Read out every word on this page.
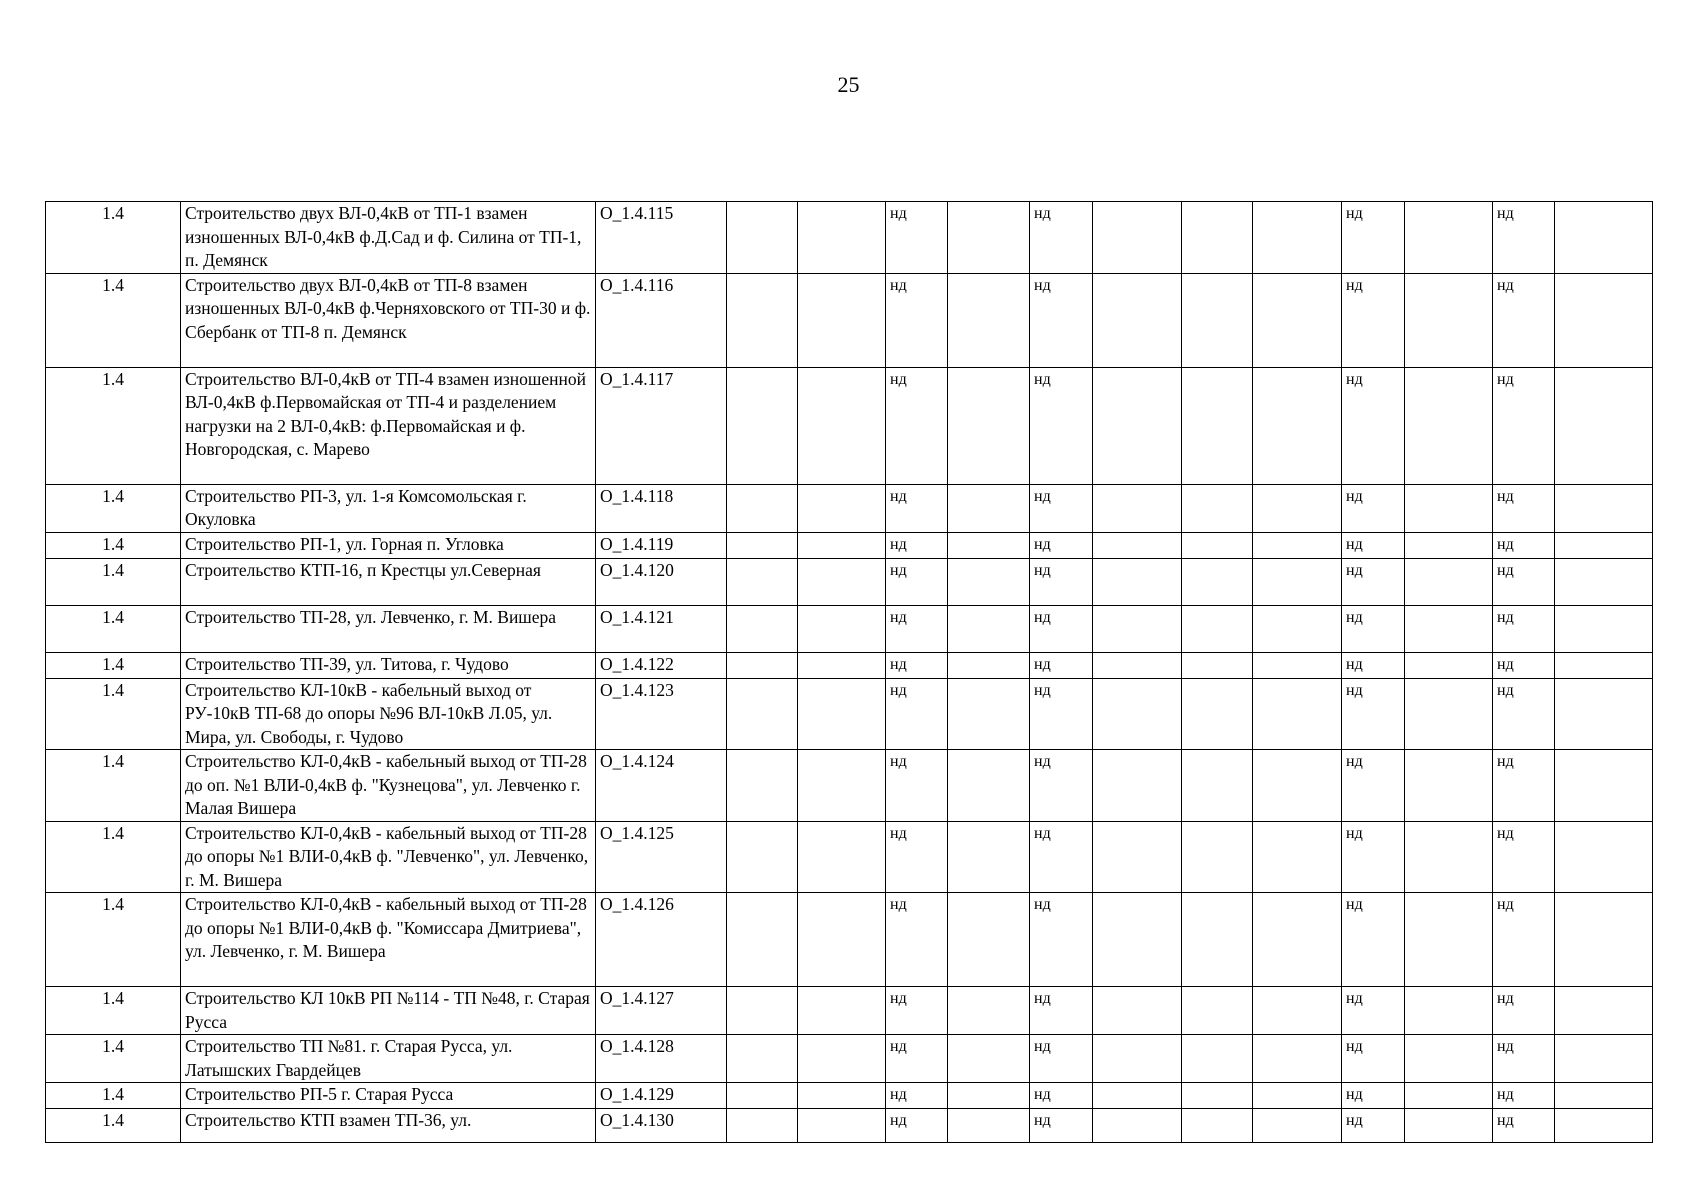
25
1.4	Строительство двух ВЛ-0,4кВ от ТП-1 взамен изношенных ВЛ-0,4кВ ф.Д.Сад и ф. Силина от ТП-1, п. Демянск	О_1.4.115			нд		нд				нд		нд	
1.4	Строительство двух ВЛ-0,4кВ от ТП-8 взамен изношенных ВЛ-0,4кВ ф.Черняховского от ТП-30 и ф. Сбербанк от ТП-8 п. Демянск	О_1.4.116			нд		нд				нд		нд	
1.4	Строительство ВЛ-0,4кВ от ТП-4 взамен изношенной ВЛ-0,4кВ ф.Первомайская от ТП-4 и разделением нагрузки на 2 ВЛ-0,4кВ: ф.Первомайская и ф. Новгородская, с. Марево	О_1.4.117			нд		нд				нд		нд	
1.4	Строительство РП-3, ул. 1-я Комсомольская г. Окуловка	О_1.4.118			нд		нд				нд		нд	
1.4	Строительство РП-1, ул. Горная п. Угловка	О_1.4.119			нд		нд				нд		нд	
1.4	Строительство КТП-16, п Крестцы ул.Северная	О_1.4.120			нд		нд				нд		нд	
1.4	Строительство ТП-28, ул. Левченко, г. М. Вишера	О_1.4.121			нд		нд				нд		нд	
1.4	Строительство ТП-39, ул. Титова, г. Чудово	О_1.4.122			нд		нд				нд		нд	
1.4	Строительство КЛ-10кВ - кабельный выход от РУ-10кВ ТП-68 до опоры №96 ВЛ-10кВ Л.05, ул. Мира, ул. Свободы, г. Чудово	О_1.4.123			нд		нд				нд		нд	
1.4	Строительство КЛ-0,4кВ - кабельный выход от ТП-28 до оп. №1 ВЛИ-0,4кВ ф. "Кузнецова", ул. Левченко г. Малая Вишера	О_1.4.124			нд		нд				нд		нд	
1.4	Строительство КЛ-0,4кВ - кабельный выход от ТП-28 до опоры №1 ВЛИ-0,4кВ ф. "Левченко", ул. Левченко, г. М. Вишера	О_1.4.125			нд		нд				нд		нд	
1.4	Строительство КЛ-0,4кВ - кабельный выход от ТП-28 до опоры №1 ВЛИ-0,4кВ ф. "Комиссара Дмитриева", ул. Левченко, г. М. Вишера	О_1.4.126			нд		нд				нд		нд	
1.4	Строительство КЛ 10кВ РП №114 - ТП №48, г. Старая Русса	О_1.4.127			нд		нд				нд		нд	
1.4	Строительство ТП №81. г. Старая Русса, ул. Латышских Гвардейцев	О_1.4.128			нд		нд				нд		нд	
1.4	Строительство РП-5 г. Старая Русса	О_1.4.129			нд		нд				нд		нд	
1.4	Строительство КТП взамен ТП-36, ул.	О_1.4.130			нд		нд				нд		нд	
